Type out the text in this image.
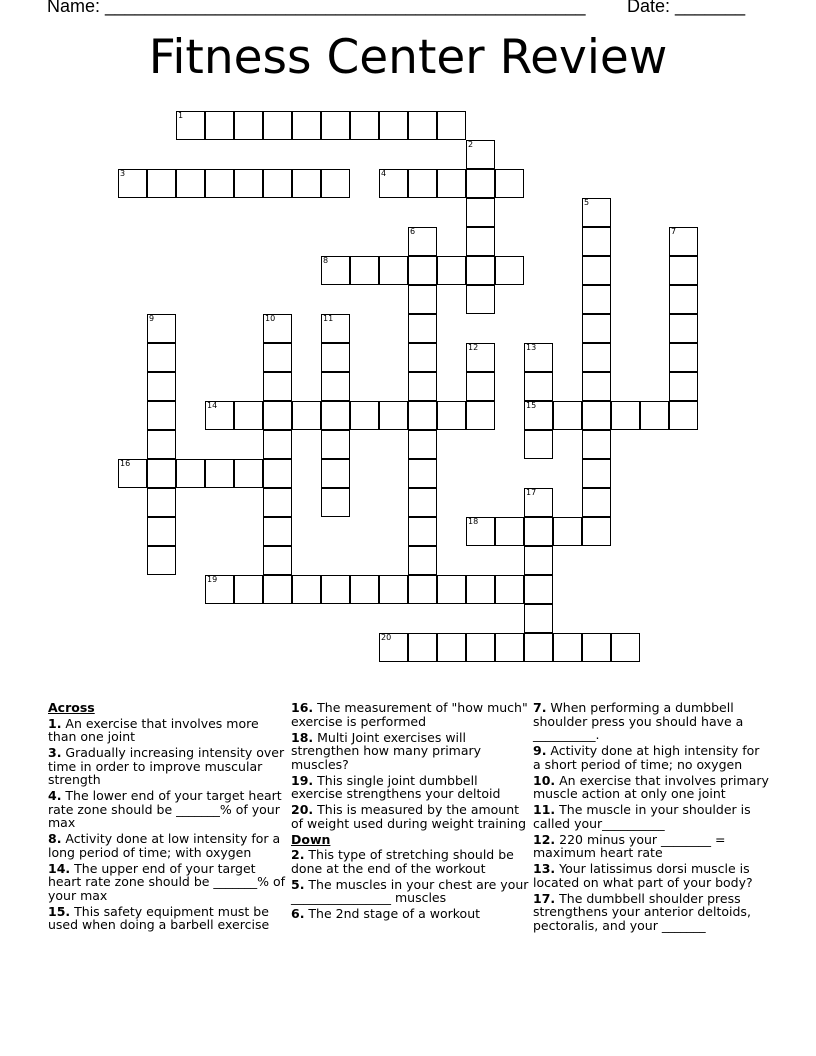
Name: ________________________________________________ Date: _______
Fitness Center Review
1
2
3	4
5
6	7
8
9	10	11
12	13
15
14
16
17
18
19
20
Across
1. An exercise that involves more than one joint
3. Gradually increasing intensity over time in order to improve muscular strength
4. The lower end of your target heart rate zone should be _______% of your max
8. Activity done at low intensity for a long period of time; with oxygen
14. The upper end of your target heart rate zone should be _______% of your max
15. This safety equipment must be used when doing a barbell exercise
16. The measurement of "how much" exercise is performed
18. Multi Joint exercises will strengthen how many primary muscles?
19. This single joint dumbbell exercise strengthens your deltoid
20. This is measured by the amount of weight used during weight training
Down
2. This type of stretching should be done at the end of the workout
5. The muscles in your chest are your ________________ muscles
6. The 2nd stage of a workout
7. When performing a dumbbell shoulder press you should have a __________.
9. Activity done at high intensity for a short period of time; no oxygen
10. An exercise that involves primary muscle action at only one joint
11. The muscle in your shoulder is called your__________
12. 220 minus your ________ = maximum heart rate
13. Your latissimus dorsi muscle is located on what part of your body?
17. The dumbbell shoulder press strengthens your anterior deltoids, pectoralis, and your _______
